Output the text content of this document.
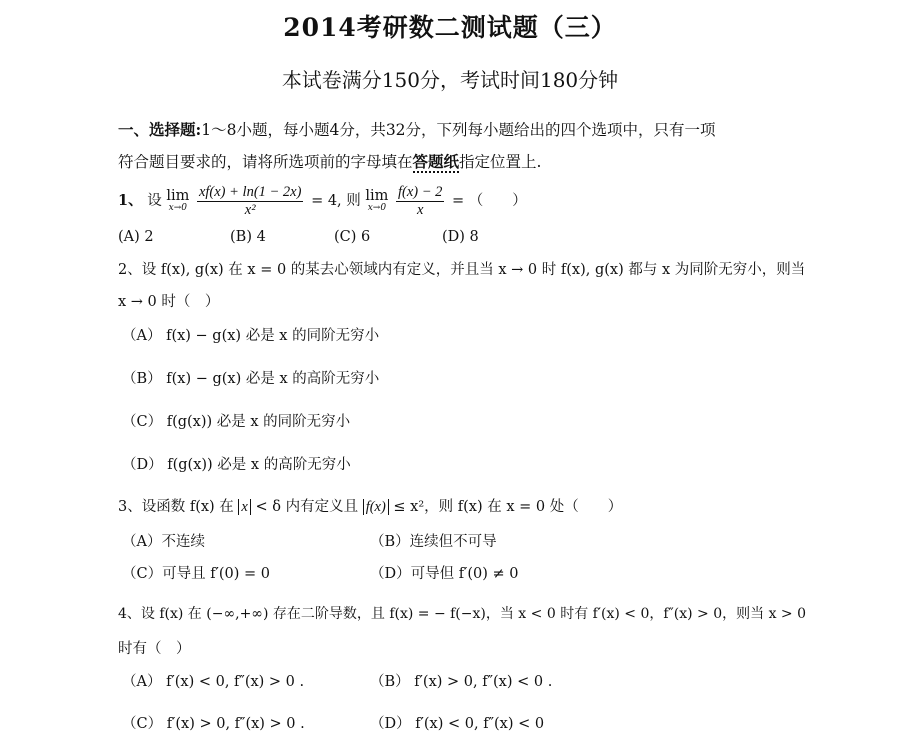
2014考研数二测试题（三）
本试卷满分150分，考试时间180分钟
一、选择题:1～8小题，每小题4分，共32分，下列每小题给出的四个选项中，只有一项
符合题目要求的，请将所选项前的字母填在答题纸指定位置上.
1、 设 lim
x→0
$\frac{xf(x) + \ln(1 - 2x)}{\text{x²}} = 4$, 则 lim
x→0
$\frac{f(x) - 2}{x}$ = （　　）
(A) 2	(B) 4	(C) 6	(D) 8
2、设 f(x), g(x) 在 x = 0 的某去心领域内有定义，并且当 x → 0 时 f(x), g(x) 都与 x 为同阶无穷小，则当
x → 0 时（　）
（A） f(x) − g(x) 必是 x 的同阶无穷小
（B） f(x) − g(x) 必是 x 的高阶无穷小
（C） f(g(x)) 必是 x 的同阶无穷小
（D） f(g(x)) 必是 x 的高阶无穷小
3、设函数 f(x) 在 x < δ 内有定义且 f(x) ≤ x²，则 f(x) 在 x = 0 处（　　）
（A）不连续	（B）连续但不可导
（C）可导且 f′(0) = 0	（D）可导但 f′(0) ≠ 0
4、设 f(x) 在 (−∞,+∞) 存在二阶导数，且 f(x) = − f(−x)，当 x < 0 时有 f′(x) < 0，f″(x) > 0，则当 x > 0
时有（　）
（A） f′(x) < 0, f″(x) > 0 .	（B） f′(x) > 0, f″(x) < 0 .
（C） f′(x) > 0, f″(x) > 0 .	（D） f′(x) < 0, f″(x) < 0
